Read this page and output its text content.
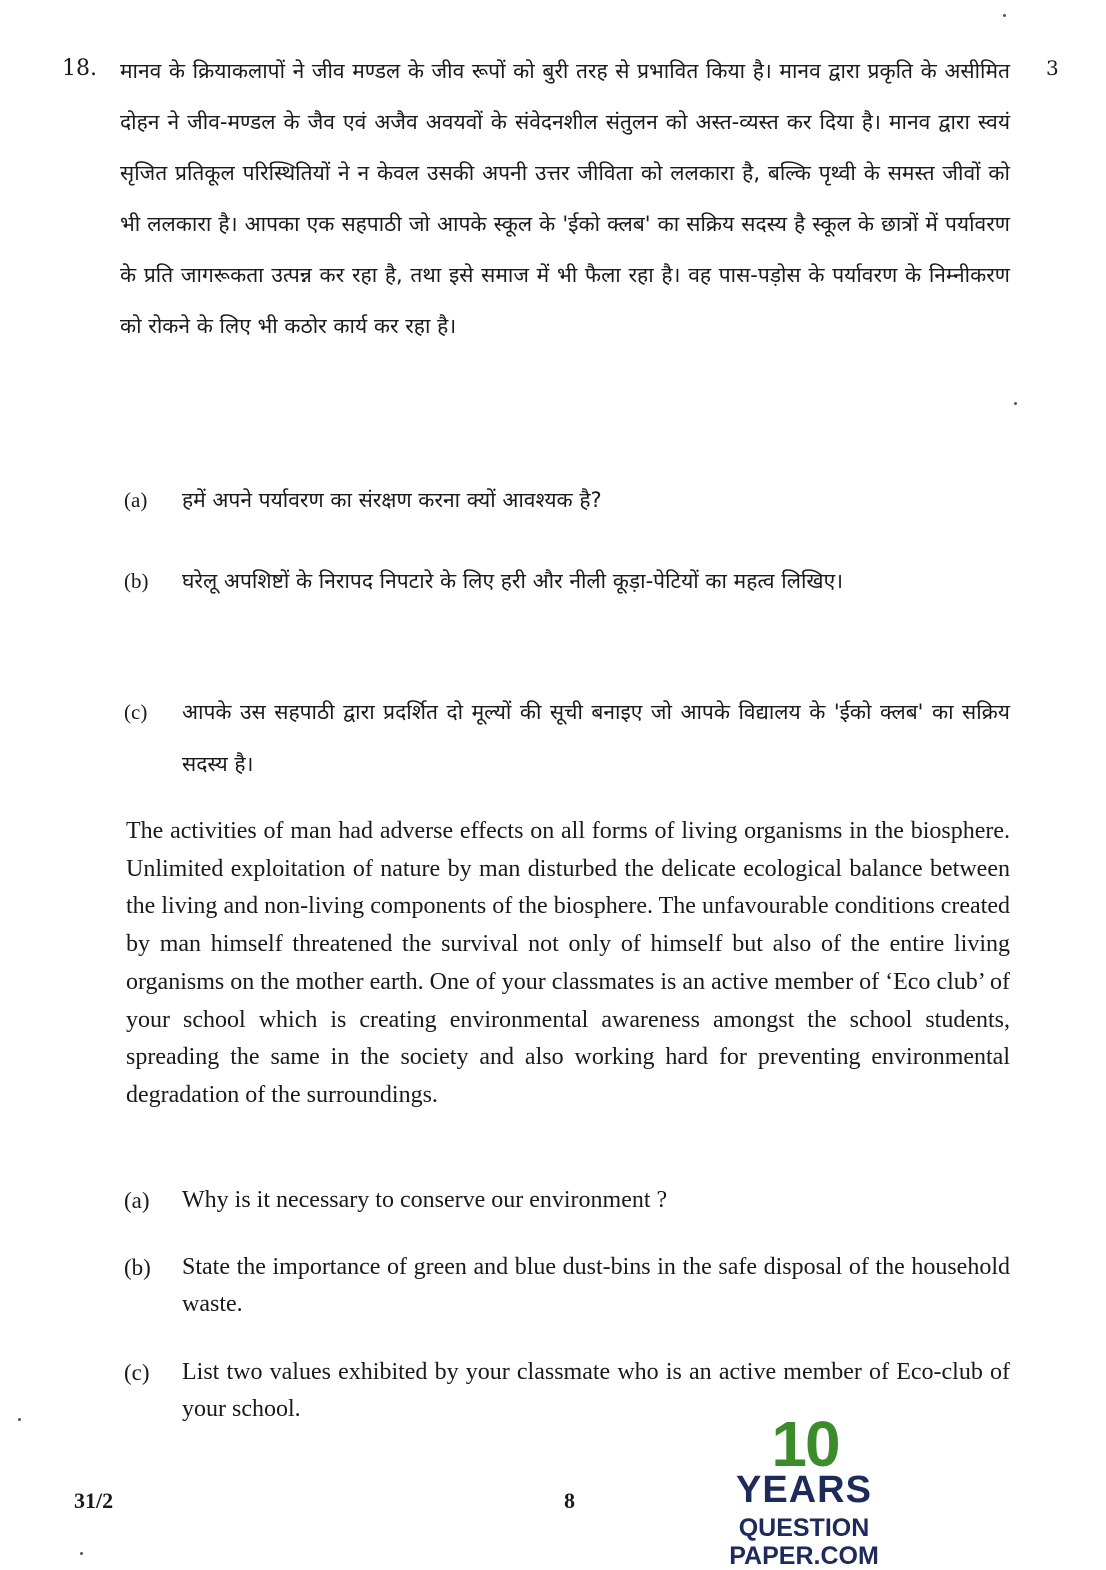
18.	3
मानव के क्रियाकलापों ने जीव मण्डल के जीव रूपों को बुरी तरह से प्रभावित किया है। मानव द्वारा प्रकृति के असीमित दोहन ने जीव-मण्डल के जैव एवं अजैव अवयवों के संवेदनशील संतुलन को अस्त-व्यस्त कर दिया है। मानव द्वारा स्वयं सृजित प्रतिकूल परिस्थितियों ने न केवल उसकी अपनी उत्तर जीविता को ललकारा है, बल्कि पृथ्वी के समस्त जीवों को भी ललकारा है। आपका एक सहपाठी जो आपके स्कूल के 'ईको क्लब' का सक्रिय सदस्य है स्कूल के छात्रों में पर्यावरण के प्रति जागरूकता उत्पन्न कर रहा है, तथा इसे समाज में भी फैला रहा है। वह पास-पड़ोस के पर्यावरण के निम्नीकरण को रोकने के लिए भी कठोर कार्य कर रहा है।
(a)	हमें अपने पर्यावरण का संरक्षण करना क्यों आवश्यक है?
(b)	घरेलू अपशिष्टों के निरापद निपटारे के लिए हरी और नीली कूड़ा-पेटियों का महत्व लिखिए।
(c)	आपके उस सहपाठी द्वारा प्रदर्शित दो मूल्यों की सूची बनाइए जो आपके विद्यालय के 'ईको क्लब' का सक्रिय सदस्य है।
The activities of man had adverse effects on all forms of living organisms in the biosphere. Unlimited exploitation of nature by man disturbed the delicate ecological balance between the living and non-living components of the biosphere. The unfavourable conditions created by man himself threatened the survival not only of himself but also of the entire living organisms on the mother earth. One of your classmates is an active member of ‘Eco club’ of your school which is creating environmental awareness amongst the school students, spreading the same in the society and also working hard for preventing environmental degradation of the surroundings.
(a)	Why is it necessary to conserve our environment ?
(b)	State the importance of green and blue dust-bins in the safe disposal of the household waste.
(c)	List two values exhibited by your classmate who is an active member of Eco-club of your school.
31/2	8
10
YEARS
QUESTION PAPER.COM
